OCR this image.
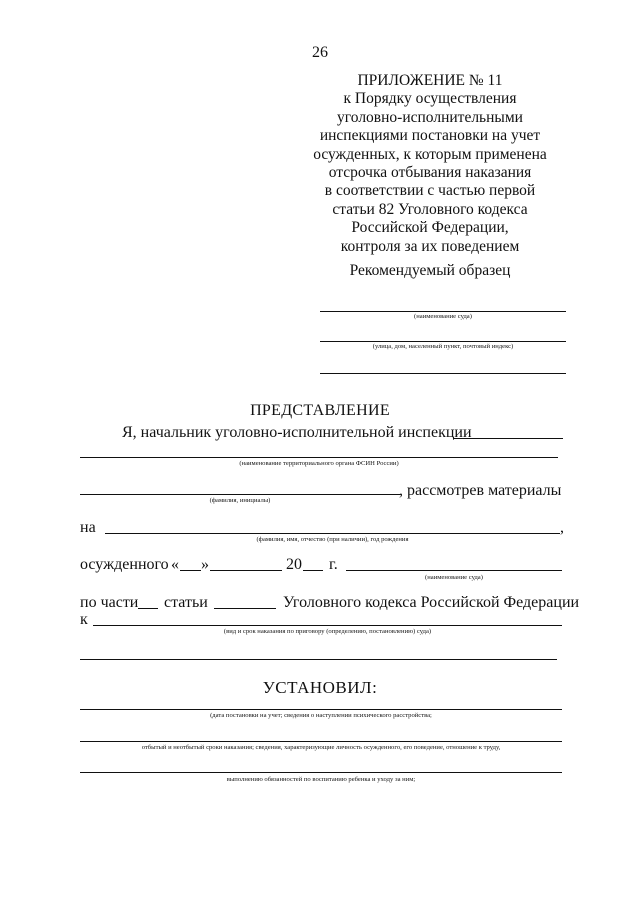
26
ПРИЛОЖЕНИЕ № 11
к Порядку осуществления
уголовно-исполнительными
инспекциями постановки на учет
осужденных, к которым применена
отсрочка отбывания наказания
в соответствии с частью первой
статьи 82 Уголовного кодекса
Российской Федерации,
контроля за их поведением
Рекомендуемый образец
(наименование суда)
(улица, дом, населенный пункт, почтовый индекс)
ПРЕДСТАВЛЕНИЕ
Я, начальник уголовно-исполнительной инспекции
(наименование территориального органа ФСИН России)
, рассмотрев материалы
(фамилия, инициалы)
на	,
(фамилия, имя, отчество (при наличии), год рождения
осужденного « »	20 г.
(наименование суда)
по части статьи	Уголовного кодекса Российской Федерации
к
(вид и срок наказания по приговору (определению, постановлению) суда)
УСТАНОВИЛ:
(дата постановки на учет; сведения о наступлении психического расстройства;
отбытый и неотбытый сроки наказания; сведения, характеризующие личность осужденного, его поведение, отношение к труду,
выполнению обязанностей по воспитанию ребенка и уходу за ним;
